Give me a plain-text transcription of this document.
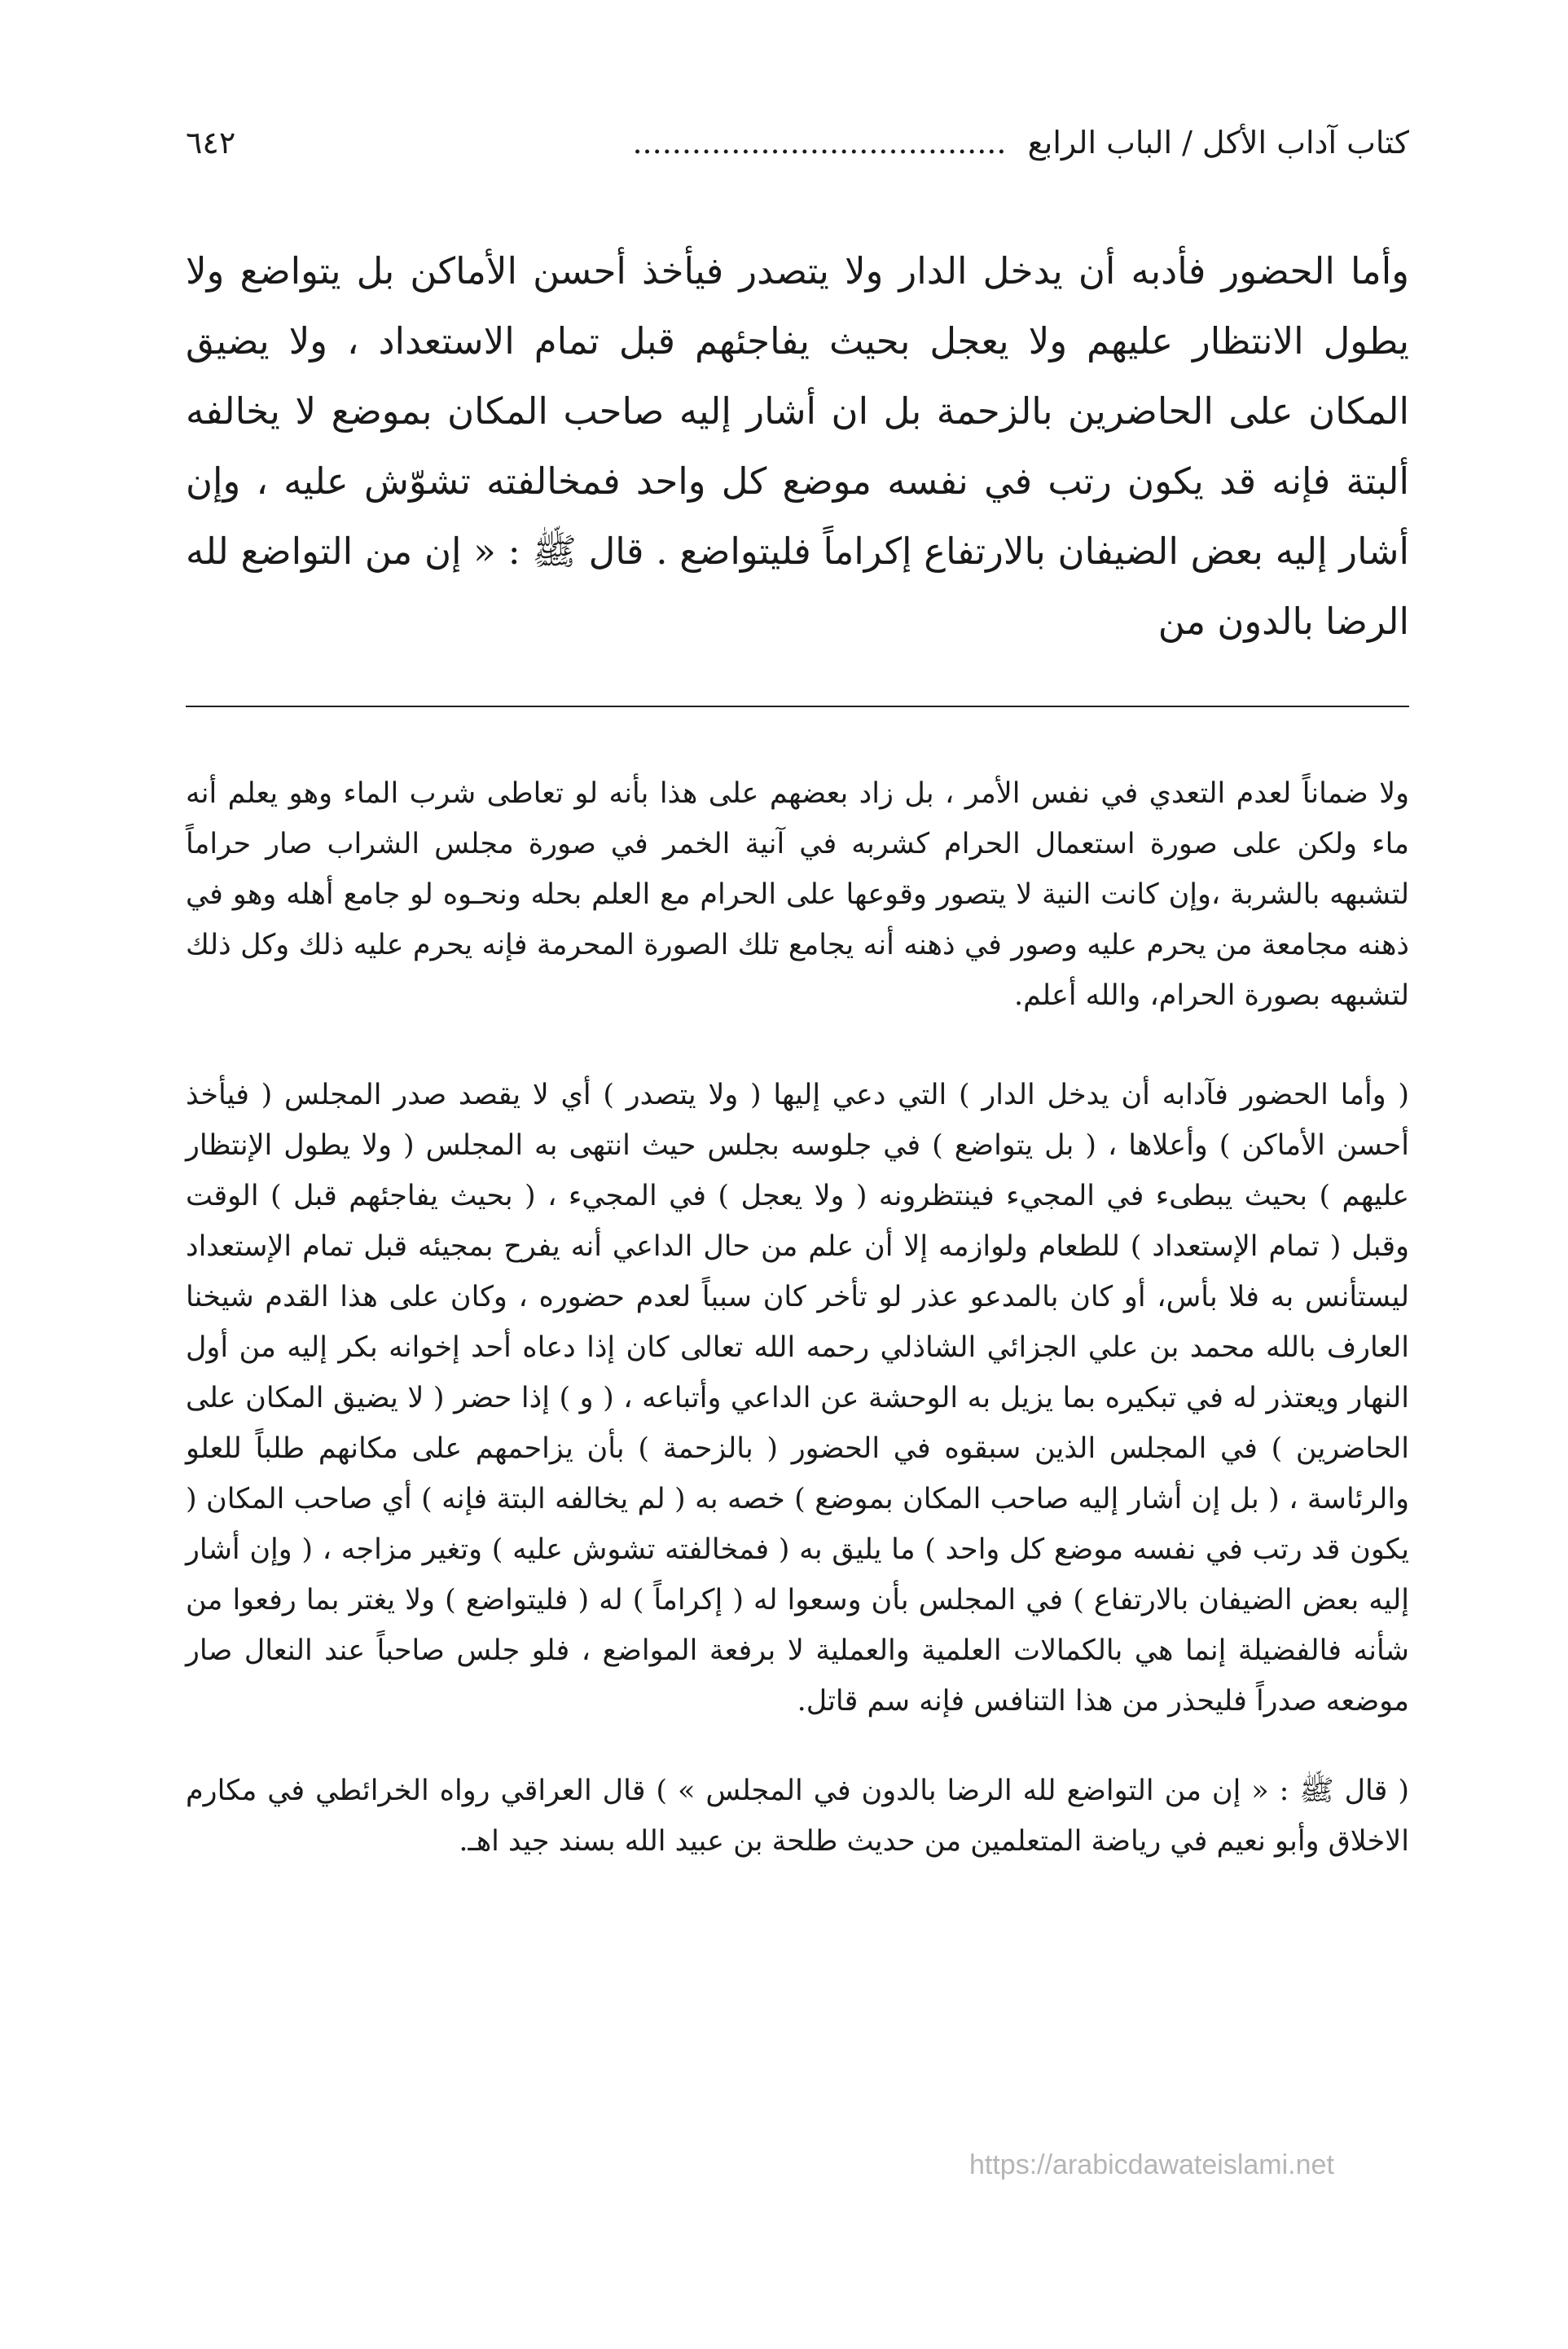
كتاب آداب الأكل / الباب الرابع ......................................
٦٤٢

وأما الحضور فأدبه أن يدخل الدار ولا يتصدر فيأخذ أحسن الأماكن بل يتواضع ولا يطول الانتظار عليهم ولا يعجل بحيث يفاجئهم قبل تمام الاستعداد ، ولا يضيق المكان على الحاضرين بالزحمة بل ان أشار إليه صاحب المكان بموضع لا يخالفه ألبتة فإنه قد يكون رتب في نفسه موضع كل واحد فمخالفته تشوّش عليه ، وإن أشار إليه بعض الضيفان بالارتفاع إكراماً فليتواضع . قال ﷺ : « إن من التواضع لله الرضا بالدون من

ولا ضماناً لعدم التعدي في نفس الأمر ، بل زاد بعضهم على هذا بأنه لو تعاطى شرب الماء وهو يعلم أنه ماء ولكن على صورة استعمال الحرام كشربه في آنية الخمر في صورة مجلس الشراب صار حراماً لتشبهه بالشربة ،وإن كانت النية لا يتصور وقوعها على الحرام مع العلم بحله ونحـوه لو جامع أهله وهو في ذهنه مجامعة من يحرم عليه وصور في ذهنه أنه يجامع تلك الصورة المحرمة فإنه يحرم عليه ذلك وكل ذلك لتشبهه بصورة الحرام، والله أعلم.

( وأما الحضور فآدابه أن يدخل الدار ) التي دعي إليها ( ولا يتصدر ) أي لا يقصد صدر المجلس ( فيأخذ أحسن الأماكن ) وأعلاها ، ( بل يتواضع ) في جلوسه بجلس حيث انتهى به المجلس ( ولا يطول الإنتظار عليهم ) بحيث يبطىء في المجيء فينتظرونه ( ولا يعجل ) في المجيء ، ( بحيث يفاجئهم قبل ) الوقت وقبل ( تمام الإستعداد ) للطعام ولوازمه إلا أن علم من حال الداعي أنه يفرح بمجيئه قبل تمام الإستعداد ليستأنس به فلا بأس، أو كان بالمدعو عذر لو تأخر كان سبباً لعدم حضوره ، وكان على هذا القدم شيخنا العارف بالله محمد بن علي الجزائي الشاذلي رحمه الله تعالى كان إذا دعاه أحد إخوانه بكر إليه من أول النهار ويعتذر له في تبكيره بما يزيل به الوحشة عن الداعي وأتباعه ، ( و ) إذا حضر ( لا يضيق المكان على الحاضرين ) في المجلس الذين سبقوه في الحضور ( بالزحمة ) بأن يزاحمهم على مكانهم طلباً للعلو والرئاسة ، ( بل إن أشار إليه صاحب المكان بموضع ) خصه به ( لم يخالفه البتة فإنه ) أي صاحب المكان ( يكون قد رتب في نفسه موضع كل واحد ) ما يليق به ( فمخالفته تشوش عليه ) وتغير مزاجه ، ( وإن أشار إليه بعض الضيفان بالارتفاع ) في المجلس بأن وسعوا له ( إكراماً ) له ( فليتواضع ) ولا يغتر بما رفعوا من شأنه فالفضيلة إنما هي بالكمالات العلمية والعملية لا برفعة المواضع ، فلو جلس صاحباً عند النعال صار موضعه صدراً فليحذر من هذا التنافس فإنه سم قاتل.

( قال ﷺ : « إن من التواضع لله الرضا بالدون في المجلس » ) قال العراقي رواه الخرائطي في مكارم الاخلاق وأبو نعيم في رياضة المتعلمين من حديث طلحة بن عبيد الله بسند جيد اهـ.

https://arabicdawateislami.net
